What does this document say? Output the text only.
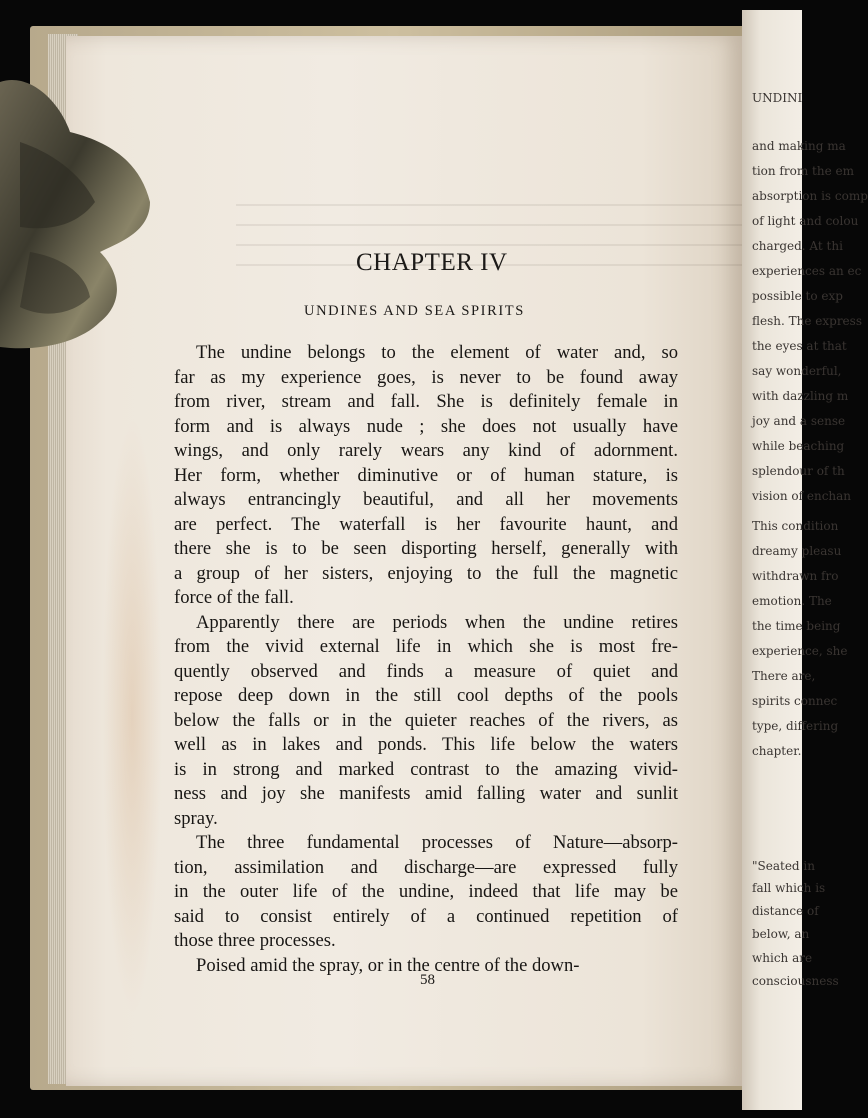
UNDINI
and making ma
tion from the em
absorption is comp
of light and colou
charged. At thi
experiences an ec
possible to exp
flesh. The express
the eyes at that
say wonderful,
with dazzling m
joy and a sense
while beaching
splendour of th
vision of enchan
This condition
dreamy pleasu
withdrawn fro
emotion. The
the time being
experience, she
There are,
spirits connec
type, differing
chapter.
"Seated in
fall which is
distance of
below, an
which are
consciousness
CHAPTER IV
UNDINES AND SEA SPIRITS
The undine belongs to the element of water and, so
far as my experience goes, is never to be found away
from river, stream and fall. She is definitely female in
form and is always nude ; she does not usually have
wings, and only rarely wears any kind of adornment.
Her form, whether diminutive or of human stature, is
always entrancingly beautiful, and all her movements
are perfect. The waterfall is her favourite haunt, and
there she is to be seen disporting herself, generally with
a group of her sisters, enjoying to the full the magnetic
force of the fall.
Apparently there are periods when the undine retires
from the vivid external life in which she is most fre-
quently observed and finds a measure of quiet and
repose deep down in the still cool depths of the pools
below the falls or in the quieter reaches of the rivers, as
well as in lakes and ponds. This life below the waters
is in strong and marked contrast to the amazing vivid-
ness and joy she manifests amid falling water and sunlit
spray.
The three fundamental processes of Nature—absorp-
tion, assimilation and discharge—are expressed fully
in the outer life of the undine, indeed that life may be
said to consist entirely of a continued repetition of
those three processes.
Poised amid the spray, or in the centre of the down-
58
